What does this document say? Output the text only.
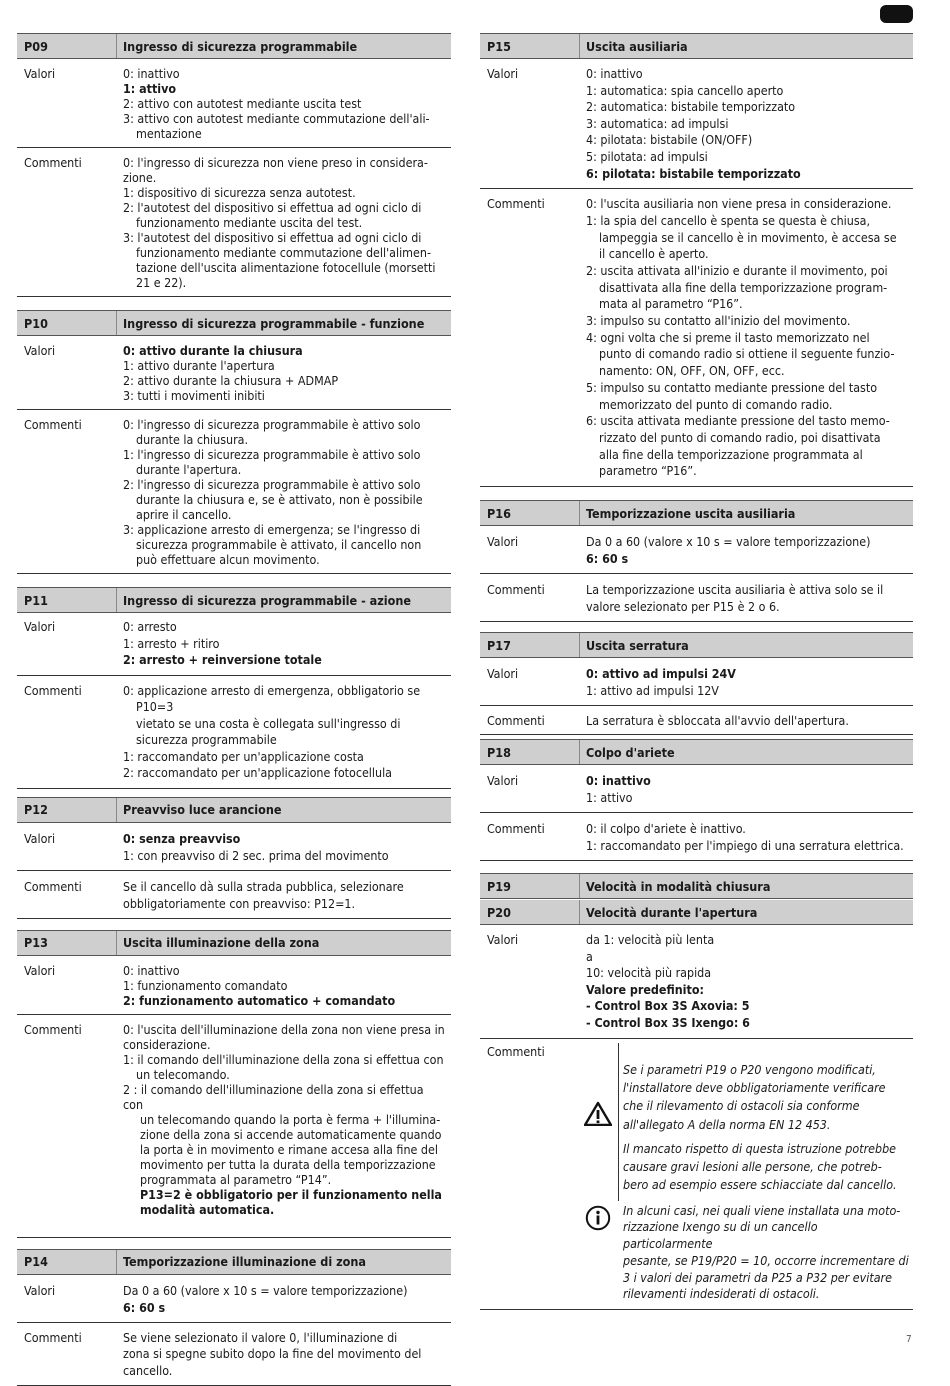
P09	Ingresso di sicurezza programmabile
Valori	0: inattivo
1: attivo
2: attivo con autotest mediante uscita test
3: attivo con autotest mediante commutazione dell'ali-
mentazione
Commenti	0: l'ingresso di sicurezza non viene preso in considera-
zione.
1: dispositivo di sicurezza senza autotest.
2: l'autotest del dispositivo si effettua ad ogni ciclo di
funzionamento mediante uscita del test.
3: l'autotest del dispositivo si effettua ad ogni ciclo di
funzionamento mediante commutazione dell'alimen-
tazione dell'uscita alimentazione fotocellule (morsetti
21 e 22).
P10	Ingresso di sicurezza programmabile - funzione
Valori	0: attivo durante la chiusura
1: attivo durante l'apertura
2: attivo durante la chiusura + ADMAP
3: tutti i movimenti inibiti
Commenti	0: l'ingresso di sicurezza programmabile è attivo solo
durante la chiusura.
1: l'ingresso di sicurezza programmabile è attivo solo
durante l'apertura.
2: l'ingresso di sicurezza programmabile è attivo solo
durante la chiusura e, se è attivato, non è possibile
aprire il cancello.
3: applicazione arresto di emergenza; se l'ingresso di
sicurezza programmabile è attivato, il cancello non
può effettuare alcun movimento.
P11	Ingresso di sicurezza programmabile - azione
Valori	0: arresto
1: arresto + ritiro
2: arresto + reinversione totale
Commenti	0: applicazione arresto di emergenza, obbligatorio se
P10=3
vietato se una costa è collegata sull'ingresso di
sicurezza programmabile
1: raccomandato per un'applicazione costa
2: raccomandato per un'applicazione fotocellula
P12	Preavviso luce arancione
Valori	0: senza preavviso
1: con preavviso di 2 sec. prima del movimento
Commenti	Se il cancello dà sulla strada pubblica, selezionare
obbligatoriamente con preavviso: P12=1.
P13	Uscita illuminazione della zona
Valori	0: inattivo
1: funzionamento comandato
2: funzionamento automatico + comandato
Commenti	0: l'uscita dell'illuminazione della zona non viene presa in
considerazione.
1: il comando dell'illuminazione della zona si effettua con
un telecomando.
2 : il comando dell'illuminazione della zona si effettua con
un telecomando quando la porta è ferma + l'illumina-
zione della zona si accende automaticamente quando
la porta è in movimento e rimane accesa alla fine del
movimento per tutta la durata della temporizzazione
programmata al parametro “P14”.
P13=2 è obbligatorio per il funzionamento nella
modalità automatica.
P14	Temporizzazione illuminazione di zona
Valori	Da 0 a 60 (valore x 10 s = valore temporizzazione)
6: 60 s
Commenti	Se viene selezionato il valore 0, l'illuminazione di
zona si spegne subito dopo la fine del movimento del
cancello.
P15	Uscita ausiliaria
Valori	0: inattivo
1: automatica: spia cancello aperto
2: automatica: bistabile temporizzato
3: automatica: ad impulsi
4: pilotata: bistabile (ON/OFF)
5: pilotata: ad impulsi
6: pilotata: bistabile temporizzato
Commenti	0: l'uscita ausiliaria non viene presa in considerazione.
1: la spia del cancello è spenta se questa è chiusa,
lampeggia se il cancello è in movimento, è accesa se
il cancello è aperto.
2: uscita attivata all'inizio e durante il movimento, poi
disattivata alla fine della temporizzazione program-
mata al parametro “P16”.
3: impulso su contatto all'inizio del movimento.
4: ogni volta che si preme il tasto memorizzato nel
punto di comando radio si ottiene il seguente funzio-
namento: ON, OFF, ON, OFF, ecc.
5: impulso su contatto mediante pressione del tasto
memorizzato del punto di comando radio.
6: uscita attivata mediante pressione del tasto memo-
rizzato del punto di comando radio, poi disattivata
alla fine della temporizzazione programmata al
parametro “P16”.
P16	Temporizzazione uscita ausiliaria
Valori	Da 0 a 60 (valore x 10 s = valore temporizzazione)
6: 60 s
Commenti	La temporizzazione uscita ausiliaria è attiva solo se il
valore selezionato per P15 è 2 o 6.
P17	Uscita serratura
Valori	0: attivo ad impulsi 24V
1: attivo ad impulsi 12V
Commenti	La serratura è sbloccata all'avvio dell'apertura.
P18	Colpo d'ariete
Valori	0: inattivo
1: attivo
Commenti	0: il colpo d'ariete è inattivo.
1: raccomandato per l'impiego di una serratura elettrica.
P19	Velocità in modalità chiusura
P20	Velocità durante l'apertura
Valori	da 1: velocità più lenta
a
10: velocità più rapida
Valore predefinito:
- Control Box 3S Axovia: 5
- Control Box 3S Ixengo: 6
Commenti

Se i parametri P19 o P20 vengono modificati,
l'installatore deve obbligatoriamente verificare
che il rilevamento di ostacoli sia conforme
all'allegato A della norma EN 12 453.

Il mancato rispetto di questa istruzione potrebbe
causare gravi lesioni alle persone, che potreb-
bero ad esempio essere schiacciate dal cancello.

In alcuni casi, nei quali viene installata una moto-
rizzazione Ixengo su di un cancello particolarmente
pesante, se P19/P20 = 10, occorre incrementare di
3 i valori dei parametri da P25 a P32 per evitare
rilevamenti indesiderati di ostacoli.
7
